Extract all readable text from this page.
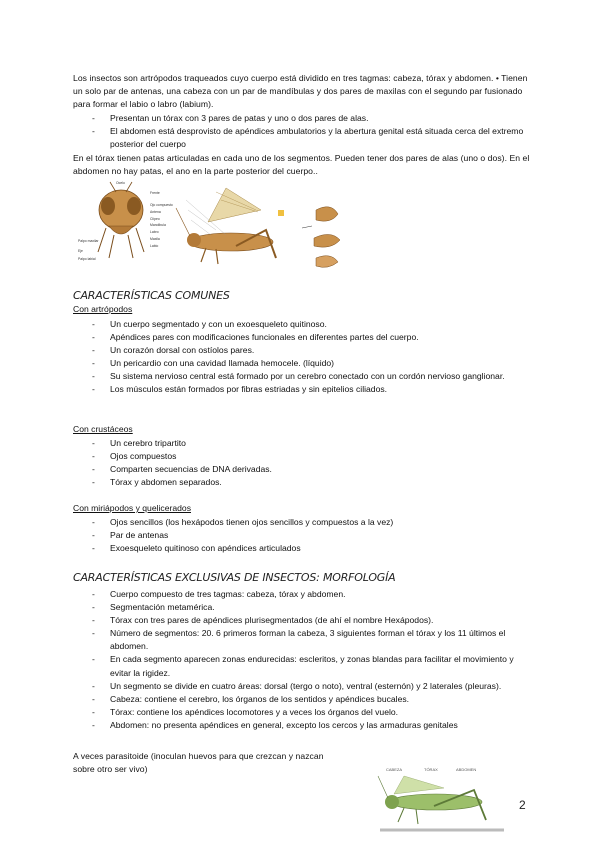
Los insectos son artrópodos traqueados cuyo cuerpo está dividido en tres tagmas: cabeza, tórax y abdomen. • Tienen un solo par de antenas, una cabeza con un par de mandíbulas y dos pares de maxilas con el segundo par fusionado para formar el labio o labro (labium).

- Presentan un tórax con 3 pares de patas y uno o dos pares de alas.
- El abdomen está desprovisto de apéndices ambulatorios y la abertura genital está situada cerca del extremo posterior del cuerpo

En el tórax tienen patas articuladas en cada uno de los segmentos. Pueden tener dos pares de alas (uno o dos). En el abdomen no hay patas, el ano en la parte posterior del cuerpo..

Ocelo
Frente
Ojo compuesto
Antena
Clípeo
Mandíbula
Labro
Maxila
Palpo maxilar
Palpo labial
Labio
Eje
CARACTERÍSTICAS COMUNES
Con artrópodos
- Un cuerpo segmentado y con un exoesqueleto quitinoso.
- Apéndices pares con modificaciones funcionales en diferentes partes del cuerpo.
- Un corazón dorsal con ostíolos pares.
- Un pericardio con una cavidad llamada hemocele. (líquido)
- Su sistema nervioso central está formado por un cerebro conectado con un cordón nervioso ganglionar.
- Los músculos están formados por fibras estriadas y sin epitelios ciliados.
Con crustáceos
- Un cerebro tripartito
- Ojos compuestos
- Comparten secuencias de DNA derivadas.
- Tórax y abdomen separados.
Con miriápodos y quelicerados
- Ojos sencillos (los hexápodos tienen ojos sencillos y compuestos a la vez)
- Par de antenas
- Exoesqueleto quitinoso con apéndices articulados
CARACTERÍSTICAS EXCLUSIVAS DE INSECTOS: MORFOLOGÍA
- Cuerpo compuesto de tres tagmas: cabeza, tórax y abdomen.
- Segmentación metamérica.
- Tórax con tres pares de apéndices plurisegmentados (de ahí el nombre Hexápodos).
- Número de segmentos: 20. 6 primeros forman la cabeza, 3 siguientes forman el tórax y los 11 últimos el abdomen.
- En cada segmento aparecen zonas endurecidas: escleritos, y zonas blandas para facilitar el movimiento y evitar la rigidez.
- Un segmento se divide en cuatro áreas: dorsal (tergo o noto), ventral (esternón) y 2 laterales (pleuras).
- Cabeza: contiene el cerebro, los órganos de los sentidos y apéndices bucales.
- Tórax: contiene los apéndices locomotores y a veces los órganos del vuelo.
- Abdomen: no presenta apéndices en general, excepto los cercos y las armaduras genitales

A veces parasitoide (inoculan huevos para que crezcan y nazcan sobre otro ser vivo)	CABEZA	TÓRAX	ABDOMEN
2
